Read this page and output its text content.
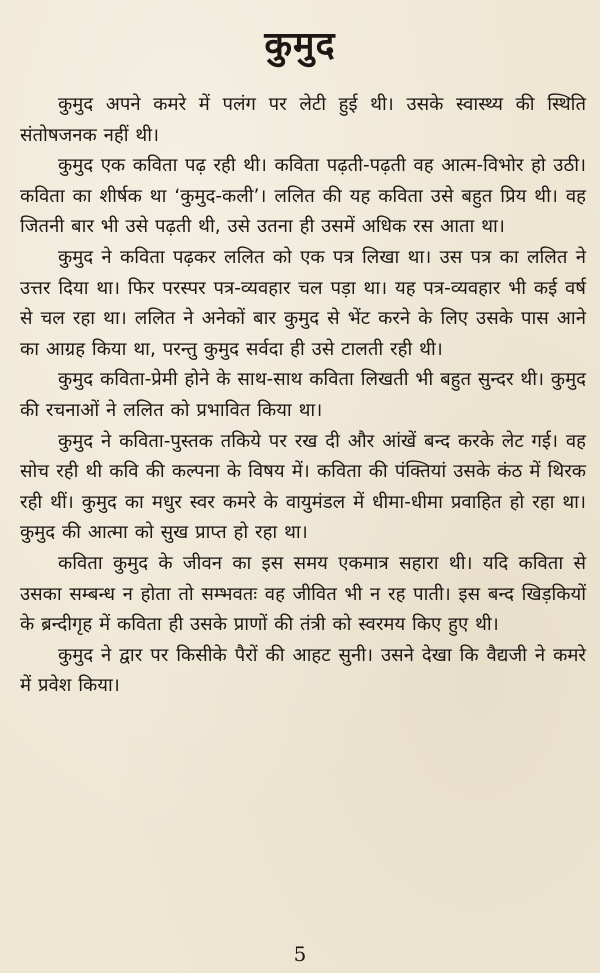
कुमुद

कुमुद अपने कमरे में पलंग पर लेटी हुई थी। उसके स्वास्थ्य की स्थिति संतोषजनक नहीं थी।

कुमुद एक कविता पढ़ रही थी। कविता पढ़ती-पढ़ती वह आत्म-विभोर हो उठी। कविता का शीर्षक था ‘कुमुद-कली’। ललित की यह कविता उसे बहुत प्रिय थी। वह जितनी बार भी उसे पढ़ती थी, उसे उतना ही उसमें अधिक रस आता था।

कुमुद ने कविता पढ़कर ललित को एक पत्र लिखा था। उस पत्र का ललित ने उत्तर दिया था। फिर परस्पर पत्र-व्यवहार चल पड़ा था। यह पत्र-व्यवहार भी कई वर्ष से चल रहा था। ललित ने अनेकों बार कुमुद से भेंट करने के लिए उसके पास आने का आग्रह किया था, परन्तु कुमुद सर्वदा ही उसे टालती रही थी।

कुमुद कविता-प्रेमी होने के साथ-साथ कविता लिखती भी बहुत सुन्दर थी। कुमुद की रचनाओं ने ललित को प्रभावित किया था।

कुमुद ने कविता-पुस्तक तकिये पर रख दी और आंखें बन्द करके लेट गई। वह सोच रही थी कवि की कल्पना के विषय में। कविता की पंक्तियां उसके कंठ में थिरक रही थीं। कुमुद का मधुर स्वर कमरे के वायुमंडल में धीमा-धीमा प्रवाहित हो रहा था। कुमुद की आत्मा को सुख प्राप्त हो रहा था।

कविता कुमुद के जीवन का इस समय एकमात्र सहारा थी। यदि कविता से उसका सम्बन्ध न होता तो सम्भवतः वह जीवित भी न रह पाती। इस बन्द खिड़कियों के ब्रन्दीगृह में कविता ही उसके प्राणों की तंत्री को स्वरमय किए हुए थी।

कुमुद ने द्वार पर किसीके पैरों की आहट सुनी। उसने देखा कि वैद्यजी ने कमरे में प्रवेश किया।

5
